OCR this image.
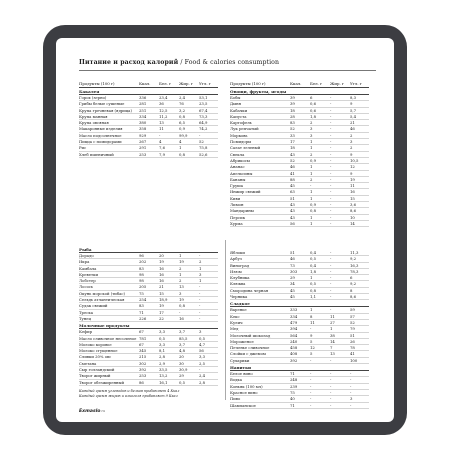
Питание и расход калорий / Food & calories consumption
Продукты (100 г)	Ккал.	Бел. г	Жир. г	Угл. г
Бакалея
Горох (зерно)	336	23,4	2,4	53,1
Грибы белые сушеные	281	36	76	23,5
Крупа гречневая (ядрица)	251	12,5	3,2	67,4
Крупа манная	334	11,2	0,8	73,3
Крупа овсяная	380	13	6,5	64,9
Макаронные изделия	358	11	0,9	74,2
Масло подсолнечное	929	-	99,9	-
Пицца с помидорами	267	4	4	52
Рис	291	7,6	1	75,8
Хлеб пшеничный	253	7,9	0,8	52,6
Продукты (100 г)	Ккал.	Бел. г	Жир. г	Угл. г
Овощи, фрукты, ягоды
Бобы	39	6	-	8,3
Дыня	39	0,6	-	9
Кабачки	18	0,6	-	5,7
Капуста	28	1,8	-	5,4
Картофель	83	2	-	21
Лук репчатый	52	3	-	46
Морковь	33	3	-	2
Помидоры	17	1	-	3
Салат зеленый	18	1	-	2
Свекла	43	2	-	9
Абрикосы	52	0,9	-	10,5
Ананас	46	1	-	12
Апельсины	41	1	-	9
Бананы	88	2	-	19
Груша	45	-	-	11
Инжир свежий	63	1	-	16
Киви	51	1	-	15
Лимон	43	0,9	-	3,6
Мандарины	43	0,8	-	8,6
Персик	43	1	-	10
Хурма	56	1	-	14
Рыба
Дорадо	96	20	1	-
Икра	202	19	19	2
Камбала	83	16	2	1
Креветки	98	16	1	3
Лобстер	98	16	2	1
Лосось	205	21	13	-
Окунь морской (тибас)	75	15	3	-
Сельдь атлантическая	254	18,9	19	-
Судак свежий	83	19	0,8	-
Треска	71	17	-	-
Тунец	226	22	16	-
Молочные продукты
Кефир	67	3,3	3,7	3
Масло сливочное несоленое 781	0,5	85,5	0,5
Молоко коровье	67	3,3	3,7	4,7
Молоко сгущенное	345	8,1	4,8	56
Сливки 20% овс	215	2,8	20	3,3
Сметана	302	2,9	30	2,5
Сыр голландский	392	33,5	30,9	-
Творог жирный	253	13,2	29	2,4
Творог обезжиренный	86	16,1	0,5	2,8
Каждый грамм углеводов и белков прибавляет 4 Ккал
Каждый грамм жиров и алкоголя прибавляет 9 Ккал
Яблоки	51	0,4	-	11,3
Арбуз	46	0,5	-	9,2
Виноград	73	0,4	-	16,3
Изюм	303	1,8	-	78,3
Клубника	29	1	-	6
Клюква	34	0,5	-	9,2
Смородина черная	45	0,8	-	8
Черника	45	1,1	-	8,6
Сладкое
Варенье	333	1	-	59
Кекс	334	8	11	57
Кулич	479	11	27	52
Мед	394	-	1	79
Молочный шоколад	564	9	38	51
Мороженое	240	5	14	26
Печенье сливочное	458	12	7	78
Слойки с джемом	408	5	13	41
Сухарики	392	-	-	100
Напитки
Белое вино	71	-	-	-
Водка	248	-	-	-
Коньяк (100 мл)	239	-	-	-
Красное вино	75	-	-	-
Пиво	40	-	-	3
Шампанское	71	-	-	-
Exmaslo.ru
